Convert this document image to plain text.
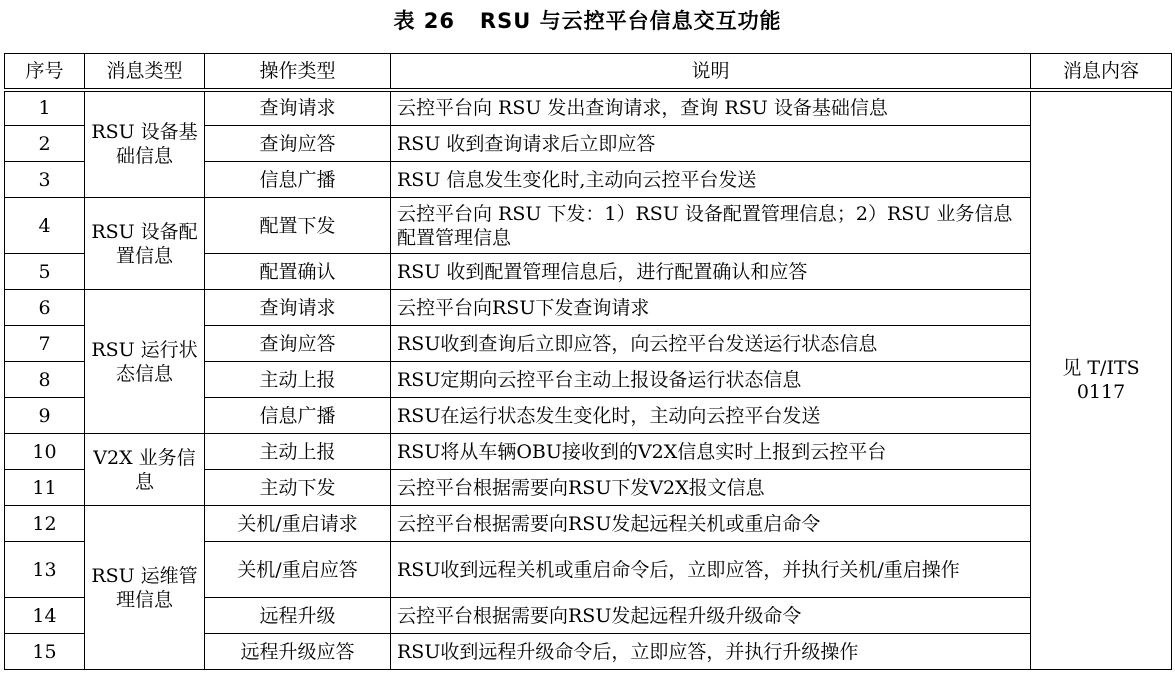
表 26   RSU 与云控平台信息交互功能
序号	消息类型	操作类型	说明	消息内容
1	RSU 设备基础信息	查询请求	云控平台向 RSU 发出查询请求，查询 RSU 设备基础信息	见 T/ITS 0117
2		查询应答	RSU 收到查询请求后立即应答	
3		信息广播	RSU 信息发生变化时,主动向云控平台发送	
4	RSU 设备配置信息	配置下发	云控平台向 RSU 下发：1）RSU 设备配置管理信息；2）RSU 业务信息配置管理信息	
5		配置确认	RSU 收到配置管理信息后，进行配置确认和应答	
6	RSU 运行状态信息	查询请求	云控平台向RSU下发查询请求	
7		查询应答	RSU收到查询后立即应答，向云控平台发送运行状态信息	
8		主动上报	RSU定期向云控平台主动上报设备运行状态信息	
9		信息广播	RSU在运行状态发生变化时，主动向云控平台发送	
10	V2X 业务信息	主动上报	RSU将从车辆OBU接收到的V2X信息实时上报到云控平台	
11		主动下发	云控平台根据需要向RSU下发V2X报文信息	
12	RSU 运维管理信息	关机/重启请求	云控平台根据需要向RSU发起远程关机或重启命令	
13		关机/重启应答	RSU收到远程关机或重启命令后，立即应答，并执行关机/重启操作	
14		远程升级	云控平台根据需要向RSU发起远程升级升级命令	
15		远程升级应答	RSU收到远程升级命令后，立即应答，并执行升级操作	
